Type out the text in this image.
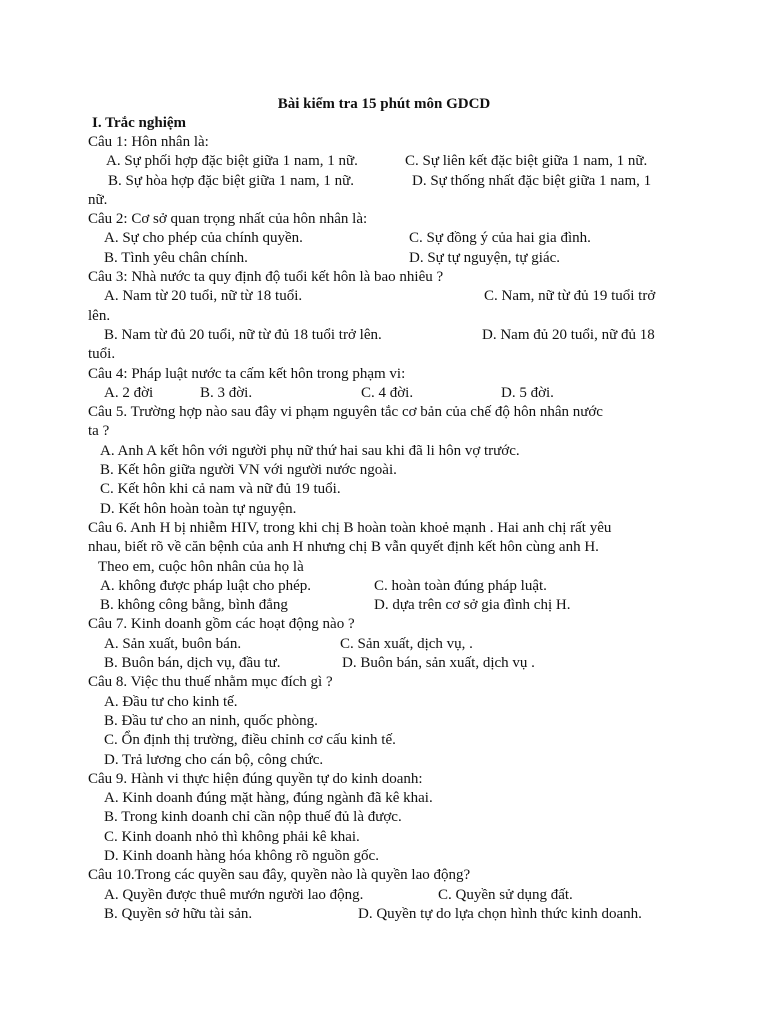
Bài kiểm tra 15 phút môn GDCD
I. Trắc nghiệm
Câu 1: Hôn nhân là:
A. Sự phối hợp đặc biệt giữa 1 nam, 1 nữ.	C. Sự liên kết đặc biệt giữa 1 nam, 1 nữ.
B. Sự hòa hợp đặc biệt giữa 1 nam, 1 nữ.	D. Sự thống nhất đặc biệt giữa 1 nam, 1
nữ.
Câu 2: Cơ sở quan trọng nhất của hôn nhân là:
A. Sự cho phép của chính quyền.	C. Sự đồng ý của hai gia đình.
B. Tình yêu chân chính.	D. Sự tự nguyện, tự giác.
Câu 3: Nhà nước ta quy định độ tuổi kết hôn là bao nhiêu ?
A. Nam từ 20 tuổi, nữ từ 18 tuổi.	C. Nam, nữ từ đủ 19 tuổi trở
lên.
B. Nam từ đủ 20 tuổi, nữ từ đủ 18 tuổi trở lên.	D. Nam đủ 20 tuổi, nữ đủ 18
tuổi.
Câu 4: Pháp luật nước ta cấm kết hôn trong phạm vi:
A. 2 đời	B. 3 đời.	C. 4 đời.	D. 5 đời.
Câu 5. Trường hợp nào sau đây vi phạm nguyên tắc cơ bản của chế độ hôn nhân nước
ta ?
A. Anh A kết hôn với người phụ nữ thứ hai sau khi đã li hôn vợ trước.
B. Kết hôn giữa người VN với người nước ngoài.
C. Kết hôn khi cả nam và nữ đủ 19 tuổi.
D. Kết hôn hoàn toàn tự nguyện.
Câu 6. Anh H bị nhiễm HIV, trong khi chị B hoàn toàn khoẻ mạnh . Hai anh chị rất yêu
nhau, biết rõ về căn bệnh của anh H nhưng chị B vẫn quyết định kết hôn cùng anh H.
Theo em, cuộc hôn nhân của họ là
A. không được pháp luật cho phép.	C. hoàn toàn đúng pháp luật.
B. không công bằng, bình đẳng	D. dựa trên cơ sở gia đình chị H.
Câu 7. Kinh doanh gồm các hoạt động nào ?
A. Sản xuất, buôn bán.	C. Sản xuất, dịch vụ, .
B. Buôn bán, dịch vụ, đầu tư.	D. Buôn bán, sản xuất, dịch vụ .
Câu 8. Việc thu thuế nhằm mục đích gì ?
A. Đầu tư cho kinh tế.
B. Đầu tư cho an ninh, quốc phòng.
C. Ổn định thị trường, điều chỉnh cơ cấu kinh tế.
D. Trả lương cho cán bộ, công chức.
Câu 9. Hành vi thực hiện đúng quyền tự do kinh doanh:
A. Kinh doanh đúng mặt hàng, đúng ngành đã kê khai.
B. Trong kinh doanh chỉ cần nộp thuế đủ là được.
C. Kinh doanh nhỏ thì không phải kê khai.
D. Kinh doanh hàng hóa không rõ nguồn gốc.
Câu 10.Trong các quyền sau đây, quyền nào là quyền lao động?
A. Quyền được thuê mướn người lao động.	C. Quyền sử dụng đất.
B. Quyền sở hữu tài sản.	D. Quyền tự do lựa chọn hình thức kinh doanh.
